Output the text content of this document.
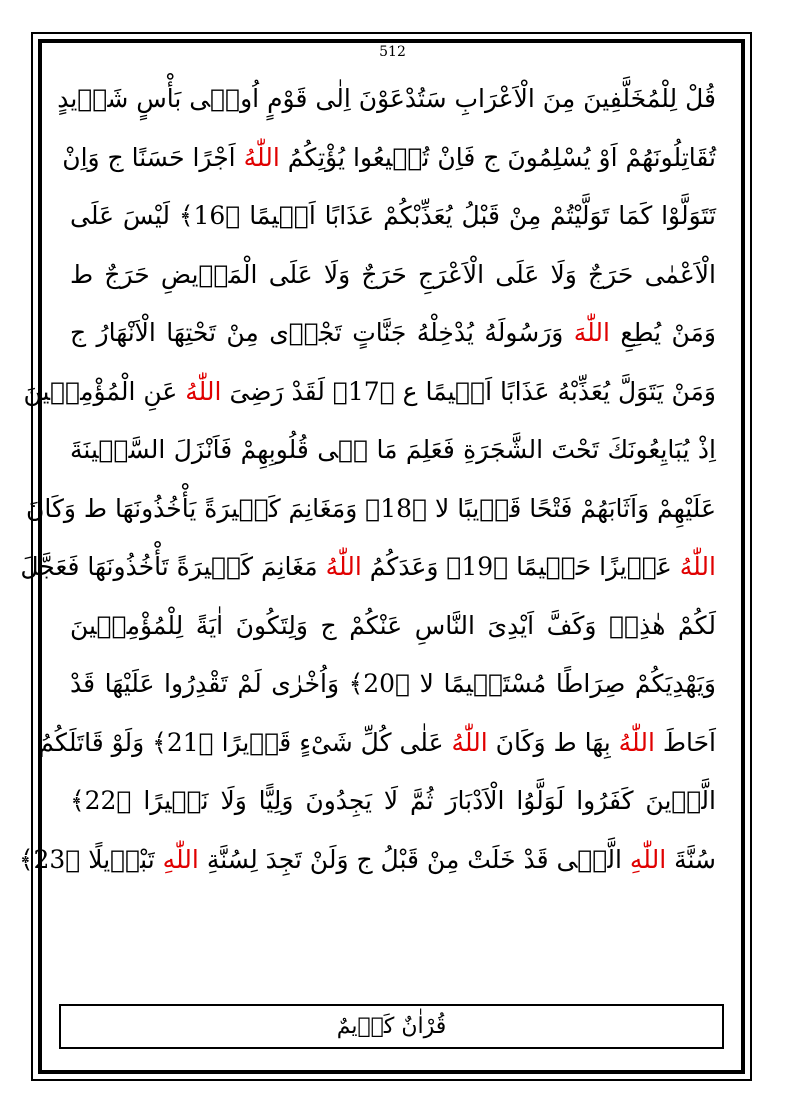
512
قُلْ لِلْمُخَلَّفِينَ مِنَ الْاَعْرَابِ سَتُدْعَوْنَ اِلٰى قَوْمٍ اُولٖى بَأْسٍ شَدٖيدٍ
تُقَاتِلُونَهُمْ اَوْ يُسْلِمُونَ ج فَاِنْ تُطٖيعُوا يُؤْتِكُمُ اللّٰهُ اَجْرًا حَسَنًا ج وَاِنْ
تَتَوَلَّوْا كَمَا تَوَلَّيْتُمْ مِنْ قَبْلُ يُعَذِّبْكُمْ عَذَابًا اَلٖيمًا ﴿16﴾ لَيْسَ عَلَى
الْاَعْمٰى حَرَجٌ وَلَا عَلَى الْاَعْرَجِ حَرَجٌ وَلَا عَلَى الْمَرٖيضِ حَرَجٌ ط
وَمَنْ يُطِعِ اللّٰهَ وَرَسُولَهُ يُدْخِلْهُ جَنَّاتٍ تَجْرٖى مِنْ تَحْتِهَا الْاَنْهَارُ ج
وَمَنْ يَتَوَلَّ يُعَذِّبْهُ عَذَابًا اَلٖيمًا ع ﴿17﴾ لَقَدْ رَضِىَ اللّٰهُ عَنِ الْمُؤْمِنٖينَ
اِذْ يُبَايِعُونَكَ تَحْتَ الشَّجَرَةِ فَعَلِمَ مَا فٖى قُلُوبِهِمْ فَاَنْزَلَ السَّكٖينَةَ
عَلَيْهِمْ وَاَثَابَهُمْ فَتْحًا قَرٖيبًا لا ﴿18﴾ وَمَغَانِمَ كَثٖيرَةً يَأْخُذُونَهَا ط وَكَانَ
اللّٰهُ عَزٖيزًا حَكٖيمًا ﴿19﴾ وَعَدَكُمُ اللّٰهُ مَغَانِمَ كَثٖيرَةً تَأْخُذُونَهَا فَعَجَّلَ
لَكُمْ هٰذِهٖ وَكَفَّ اَيْدِىَ النَّاسِ عَنْكُمْ ج وَلِتَكُونَ اٰيَةً لِلْمُؤْمِنٖينَ
وَيَهْدِيَكُمْ صِرَاطًا مُسْتَقٖيمًا لا ﴿20﴾ وَاُخْرٰى لَمْ تَقْدِرُوا عَلَيْهَا قَدْ
اَحَاطَ اللّٰهُ بِهَا ط وَكَانَ اللّٰهُ عَلٰى كُلِّ شَیْءٍ قَدٖيرًا ﴿21﴾ وَلَوْ قَاتَلَكُمُ
الَّذٖينَ كَفَرُوا لَوَلَّوُا الْاَدْبَارَ ثُمَّ لَا يَجِدُونَ وَلِيًّا وَلَا نَصٖيرًا ﴿22﴾
سُنَّةَ اللّٰهِ الَّتٖى قَدْ خَلَتْ مِنْ قَبْلُ ج وَلَنْ تَجِدَ لِسُنَّةِ اللّٰهِ تَبْدٖيلًا ﴿23﴾
قُرْاٰنٌ كَرٖيمٌ
